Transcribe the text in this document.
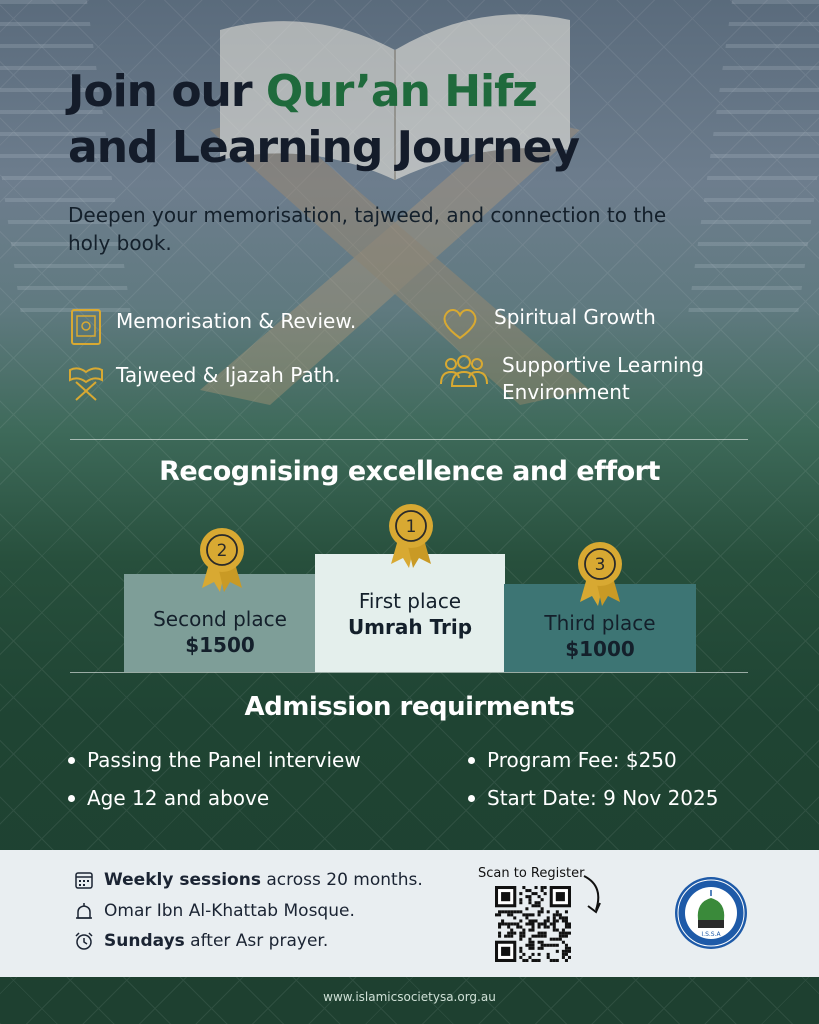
Join our Qur’an Hifz
and Learning Journey
Deepen your memorisation, tajweed, and connection to the holy book.
Memorisation & Review.
Tajweed & Ijazah Path.
Spiritual Growth
Supportive Learning Environment
Recognising excellence and effort
Second place
$1500
First place
Umrah Trip	Third place
$1000
2
1
3
Admission requirments
Passing the Panel interview
Age 12 and above
Program Fee: $250
Start Date: 9 Nov 2025
Weekly sessions across 20 months.
Omar Ibn Al-Khattab Mosque.
Sundays after Asr prayer.
Scan to Register
I.S.S.A
www.islamicsocietysa.org.au
